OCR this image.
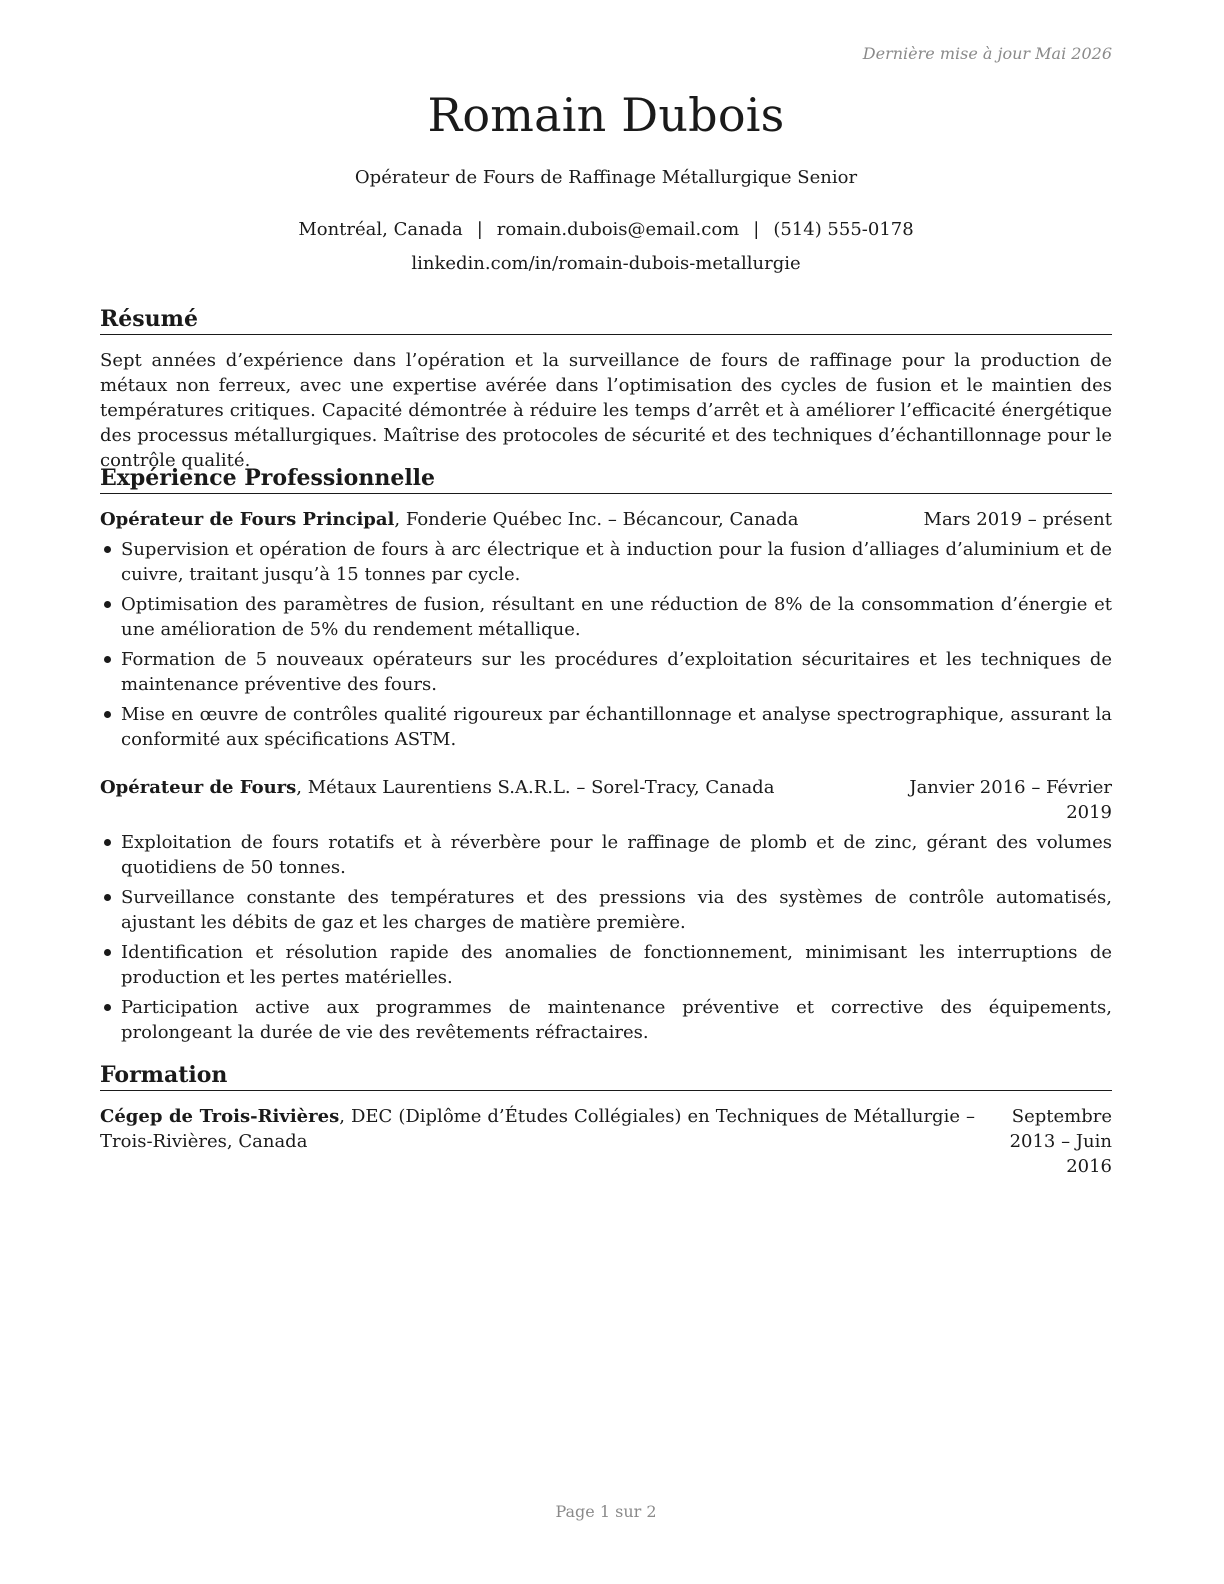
Dernière mise à jour Mai 2026
Romain Dubois
Opérateur de Fours de Raffinage Métallurgique Senior
Montréal, Canada | romain.dubois@email.com | (514) 555-0178
linkedin.com/in/romain-dubois-metallurgie
Résumé
Sept années d’expérience dans l’opération et la surveillance de fours de raffinage pour la production de métaux non ferreux, avec une expertise avérée dans l’optimisation des cycles de fusion et le maintien des températures critiques. Capacité démontrée à réduire les temps d’arrêt et à améliorer l’efficacité énergétique des processus métallurgiques. Maîtrise des protocoles de sécurité et des techniques d’échantillonnage pour le contrôle qualité.
Expérience Professionnelle
Opérateur de Fours Principal, Fonderie Québec Inc. – Bécancour, Canada	Mars 2019 – présent
Supervision et opération de fours à arc électrique et à induction pour la fusion d’alliages d’aluminium et de cuivre, traitant jusqu’à 15 tonnes par cycle.
Optimisation des paramètres de fusion, résultant en une réduction de 8% de la consommation d’énergie et une amélioration de 5% du rendement métallique.
Formation de 5 nouveaux opérateurs sur les procédures d’exploitation sécuritaires et les techniques de maintenance préventive des fours.
Mise en œuvre de contrôles qualité rigoureux par échantillonnage et analyse spectrographique, assurant la conformité aux spécifications ASTM.
Opérateur de Fours, Métaux Laurentiens S.A.R.L. – Sorel-Tracy, Canada	Janvier 2016 – Février
2019
Exploitation de fours rotatifs et à réverbère pour le raffinage de plomb et de zinc, gérant des volumes quotidiens de 50 tonnes.
Surveillance constante des températures et des pressions via des systèmes de contrôle automatisés, ajustant les débits de gaz et les charges de matière première.
Identification et résolution rapide des anomalies de fonctionnement, minimisant les interruptions de production et les pertes matérielles.
Participation active aux programmes de maintenance préventive et corrective des équipements, prolongeant la durée de vie des revêtements réfractaires.
Formation
Cégep de Trois-Rivières, DEC (Diplôme d’Études Collégiales) en Techniques de Métallurgie – Trois-Rivières, Canada
Septembre 2013 – Juin
2016
Page 1 sur 2
